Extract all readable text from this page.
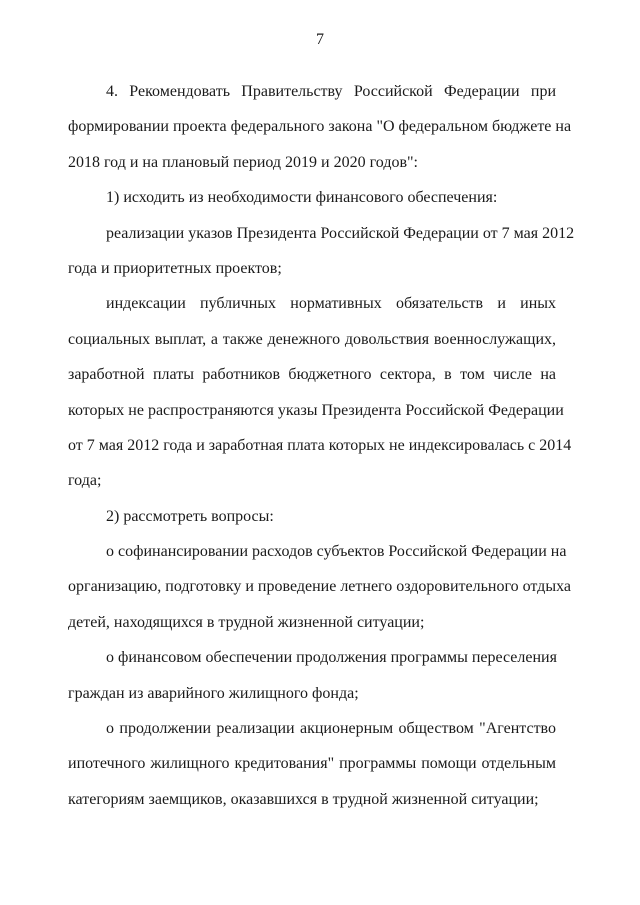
7
4. Рекомендовать Правительству Российской Федерации при
формировании проекта федерального закона "О федеральном бюджете на
2018 год и на плановый период 2019 и 2020 годов":
1) исходить из необходимости финансового обеспечения:
реализации указов Президента Российской Федерации от 7 мая 2012
года и приоритетных проектов;
индексации публичных нормативных обязательств и иных
социальных выплат, а также денежного довольствия военнослужащих,
заработной платы работников бюджетного сектора, в том числе на
которых не распространяются указы Президента Российской Федерации
от 7 мая 2012 года и заработная плата которых не индексировалась с 2014
года;
2) рассмотреть вопросы:
о софинансировании расходов субъектов Российской Федерации на
организацию, подготовку и проведение летнего оздоровительного отдыха
детей, находящихся в трудной жизненной ситуации;
о финансовом обеспечении продолжения программы переселения
граждан из аварийного жилищного фонда;
о продолжении реализации акционерным обществом "Агентство
ипотечного жилищного кредитования" программы помощи отдельным
категориям заемщиков, оказавшихся в трудной жизненной ситуации;
